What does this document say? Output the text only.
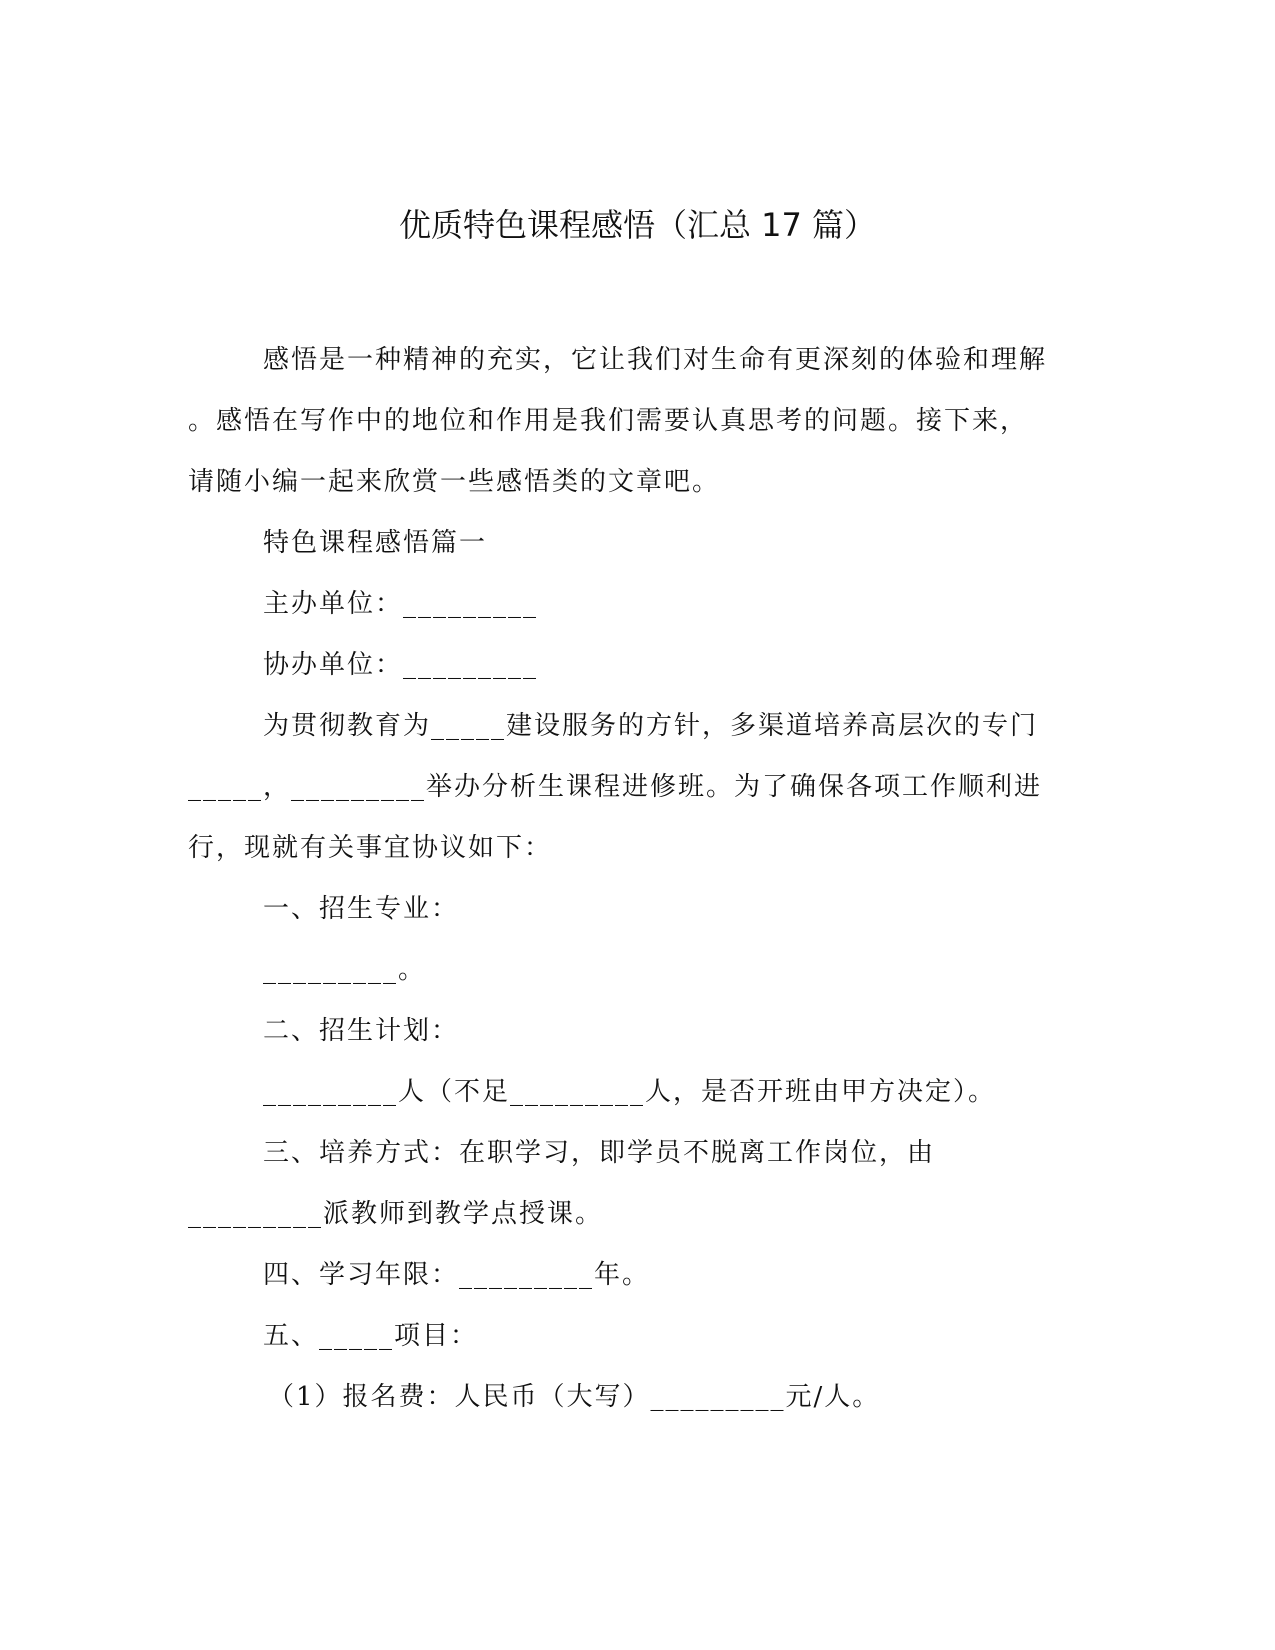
优质特色课程感悟（汇总 17 篇）
感悟是一种精神的充实，它让我们对生命有更深刻的体验和理解
。感悟在写作中的地位和作用是我们需要认真思考的问题。接下来，
请随小编一起来欣赏一些感悟类的文章吧。
特色课程感悟篇一
主办单位：_________
协办单位：_________
为贯彻教育为_____建设服务的方针，多渠道培养高层次的专门
_____，_________举办分析生课程进修班。为了确保各项工作顺利进
行，现就有关事宜协议如下：
一、招生专业：
_________。
二、招生计划：
_________人（不足_________人，是否开班由甲方决定）。
三、培养方式：在职学习，即学员不脱离工作岗位，由
_________派教师到教学点授课。
四、学习年限：_________年。
五、_____项目：
（1）报名费：人民币（大写）_________元/人。
